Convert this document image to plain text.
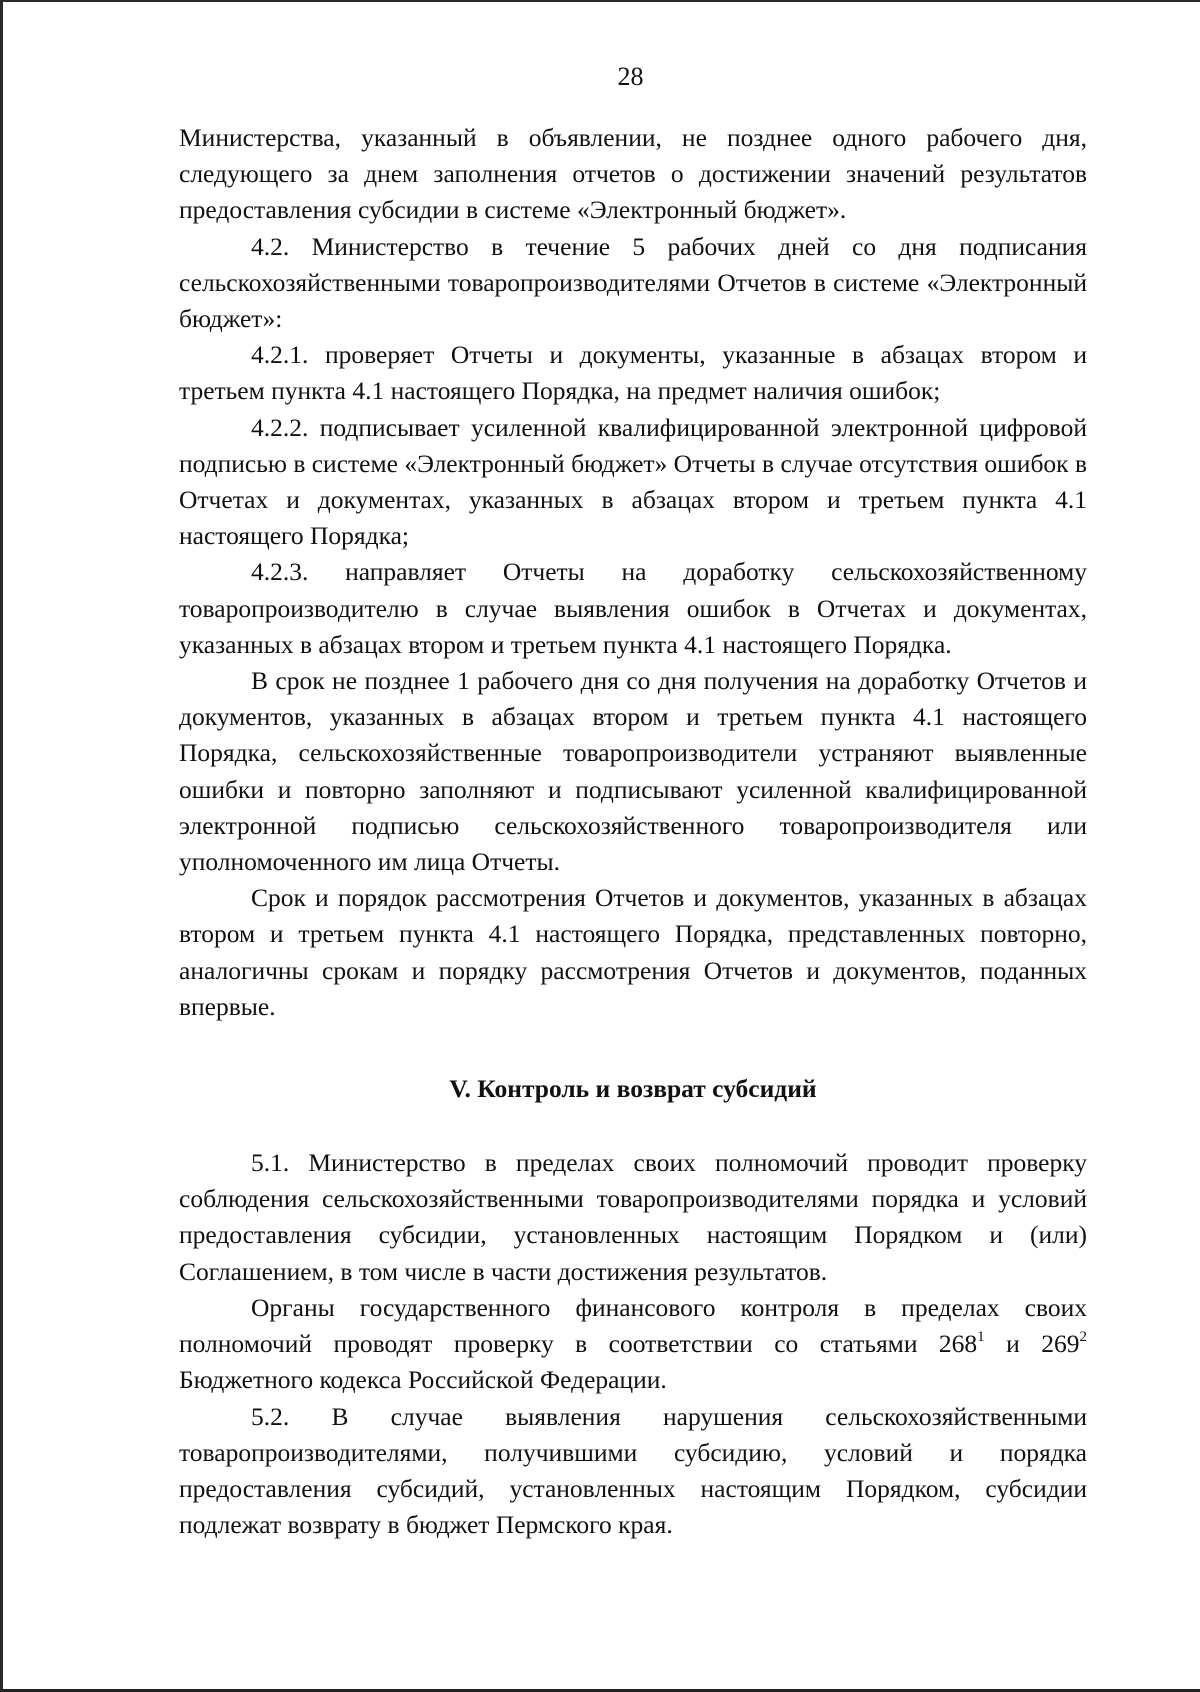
28

Министерства, указанный в объявлении, не позднее одного рабочего дня, следующего за днем заполнения отчетов о достижении значений результатов предоставления субсидии в системе «Электронный бюджет».

4.2. Министерство в течение 5 рабочих дней со дня подписания сельскохозяйственными товаропроизводителями Отчетов в системе «Электронный бюджет»:

4.2.1. проверяет Отчеты и документы, указанные в абзацах втором и третьем пункта 4.1 настоящего Порядка, на предмет наличия ошибок;

4.2.2. подписывает усиленной квалифицированной электронной цифровой подписью в системе «Электронный бюджет» Отчеты в случае отсутствия ошибок в Отчетах и документах, указанных в абзацах втором и третьем пункта 4.1 настоящего Порядка;

4.2.3. направляет Отчеты на доработку сельскохозяйственному товаропроизводителю в случае выявления ошибок в Отчетах и документах, указанных в абзацах втором и третьем пункта 4.1 настоящего Порядка.

В срок не позднее 1 рабочего дня со дня получения на доработку Отчетов и документов, указанных в абзацах втором и третьем пункта 4.1 настоящего Порядка, сельскохозяйственные товаропроизводители устраняют выявленные ошибки и повторно заполняют и подписывают усиленной квалифицированной электронной подписью сельскохозяйственного товаропроизводителя или уполномоченного им лица Отчеты.

Срок и порядок рассмотрения Отчетов и документов, указанных в абзацах втором и третьем пункта 4.1 настоящего Порядка, представленных повторно, аналогичны срокам и порядку рассмотрения Отчетов и документов, поданных впервые.

V. Контроль и возврат субсидий

5.1. Министерство в пределах своих полномочий проводит проверку соблюдения сельскохозяйственными товаропроизводителями порядка и условий предоставления субсидии, установленных настоящим Порядком и (или) Соглашением, в том числе в части достижения результатов.

Органы государственного финансового контроля в пределах своих полномочий проводят проверку в соответствии со статьями $268^1$ и $269^2$ Бюджетного кодекса Российской Федерации.

5.2. В случае выявления нарушения сельскохозяйственными товаропроизводителями, получившими субсидию, условий и порядка предоставления субсидий, установленных настоящим Порядком, субсидии подлежат возврату в бюджет Пермского края.
